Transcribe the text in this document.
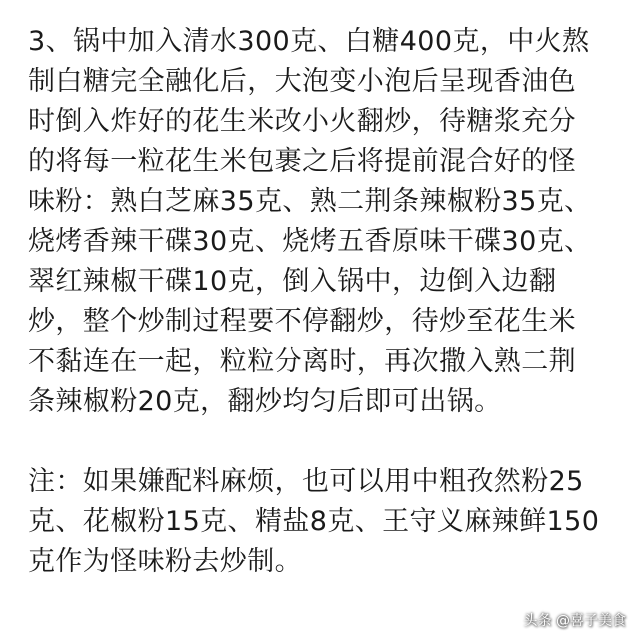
3、锅中加入清水300克、白糖400克，中火熬
制白糖完全融化后，大泡变小泡后呈现香油色
时倒入炸好的花生米改小火翻炒，待糖浆充分
的将每一粒花生米包裹之后将提前混合好的怪
味粉：熟白芝麻35克、熟二荆条辣椒粉35克、
烧烤香辣干碟30克、烧烤五香原味干碟30克、
翠红辣椒干碟10克，倒入锅中，边倒入边翻
炒，整个炒制过程要不停翻炒，待炒至花生米
不黏连在一起，粒粒分离时，再次撒入熟二荆
条辣椒粉20克，翻炒均匀后即可出锅。
注：如果嫌配料麻烦，也可以用中粗孜然粉25
克、花椒粉15克、精盐8克、王守义麻辣鲜150
克作为怪味粉去炒制。
头条 @喜子美食
